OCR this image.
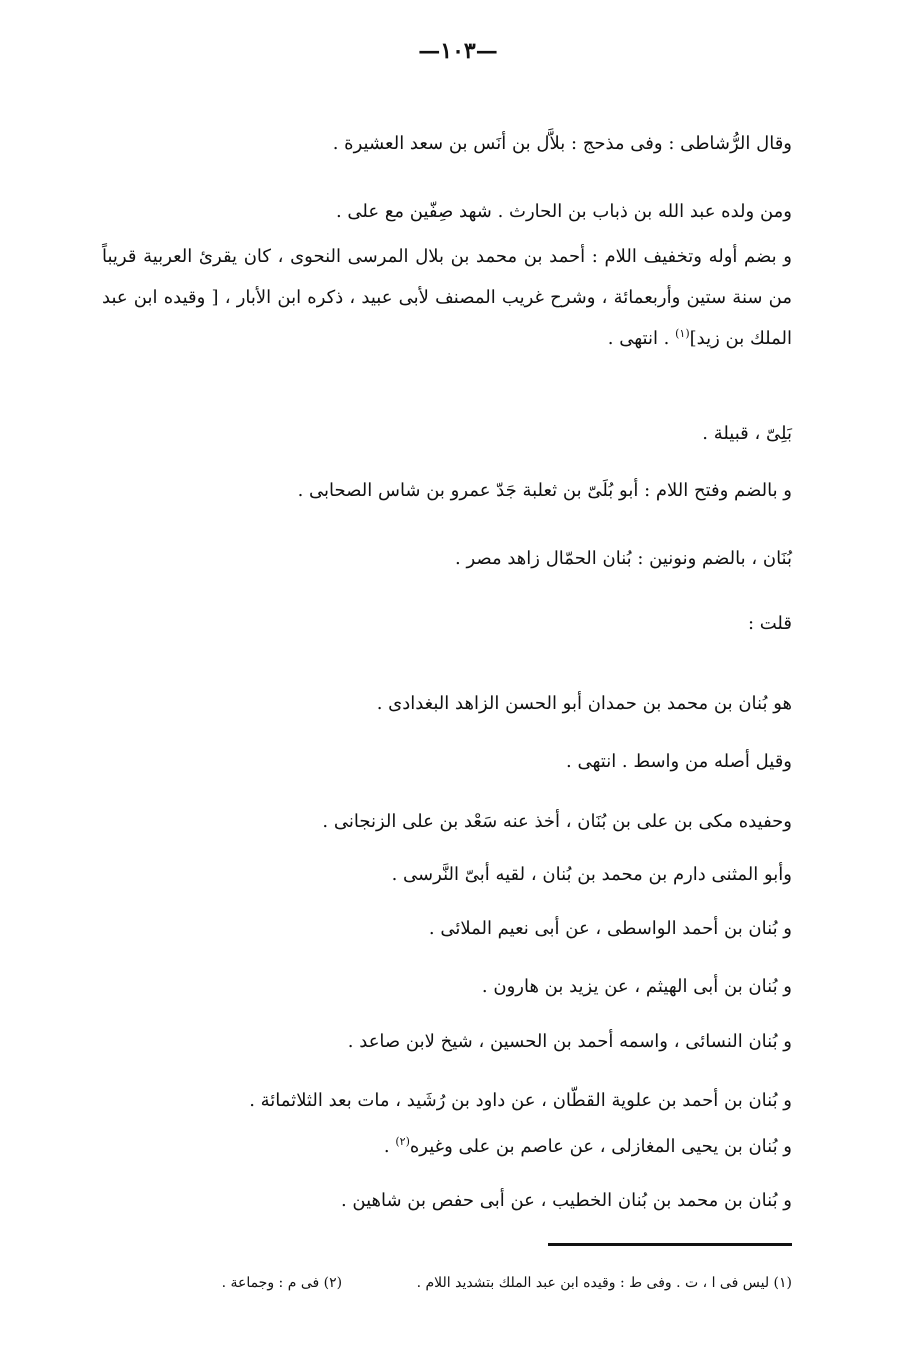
—١٠٣—
وقال الرُّشاطى : وفى مذحج : بلاَّل بن أنَس بن سعد العشيرة .
ومن ولده عبد الله بن ذباب بن الحارث . شهد صِفّين مع على .
و بضم أوله وتخفيف اللام : أحمد بن محمد بن بلال المرسى النحوى ، كان يقرئ العربية قريباً من سنة ستين وأربعمائة ، وشرح غريب المصنف لأبى عبيد ، ذكره ابن الأبار ، [ وقيده ابن عبد الملك بن زيد]$^{(١)}$ . انتهى .
بَلِىّ ، قبيلة .
و بالضم وفتح اللام : أبو بُلَىّ بن ثعلبة جَدّ عمرو بن شاس الصحابى .
بُنَان ، بالضم ونونين : بُنان الحمّال زاهد مصر .
قلت :
هو بُنان بن محمد بن حمدان أبو الحسن الزاهد البغدادى .
وقيل أصله من واسط . انتهى .
وحفيده مكى بن على بن بُنَان ، أخذ عنه سَعْد بن على الزنجانى .
وأبو المثنى دارم بن محمد بن بُنان ، لقيه أبىّ النَّرسى .
و بُنان بن أحمد الواسطى ، عن أبى نعيم الملائى .
و بُنان بن أبى الهيثم ، عن يزيد بن هارون .
و بُنان النسائى ، واسمه أحمد بن الحسين ، شيخ لابن صاعد .
و بُنان بن أحمد بن علوية القطّان ، عن داود بن رُشَيد ، مات بعد الثلاثمائة .
و بُنان بن يحيى المغازلى ، عن عاصم بن على وغيره$^{(٢)}$ .
و بُنان بن محمد بن بُنان الخطيب ، عن أبى حفص بن شاهين .
(١) ليس فى ا ، ت . وفى ط : وقيده ابن عبد الملك بتشديد اللام . (٢) فى م : وجماعة .
